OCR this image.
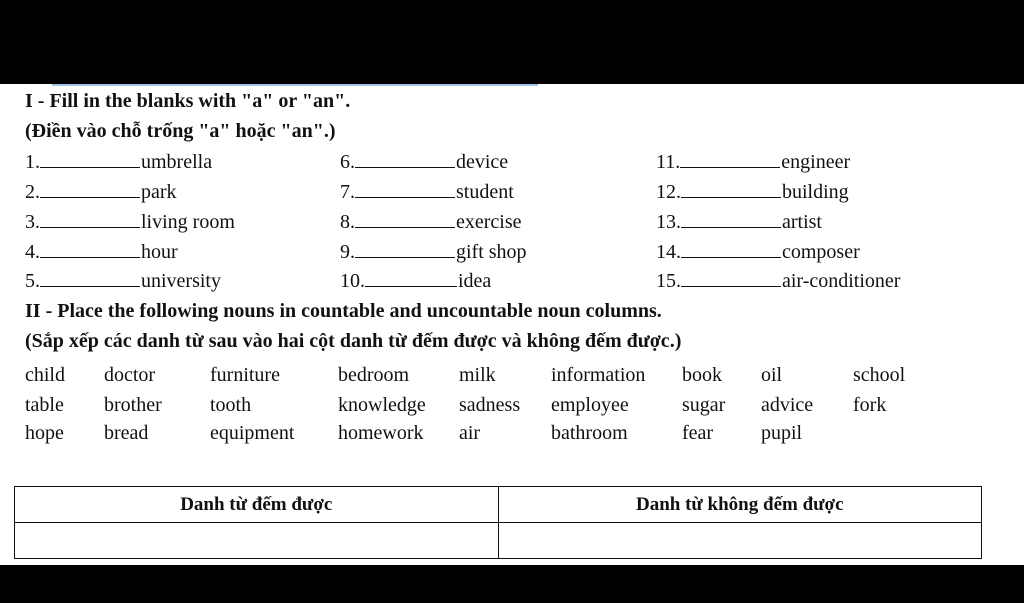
I - Fill in the blanks with "a" or "an".
(Điền vào chỗ trống "a" hoặc "an".)
1.	umbrella
2.	park
3.	living room
4.	hour
5.	university
6.	device
7.	student
8.	exercise
9.	gift shop
10.	idea
11.	engineer
12.	building
13.	artist
14.	composer
15.	air-conditioner
II - Place the following nouns in countable and uncountable noun columns.
(Sắp xếp các danh từ sau vào hai cột danh từ đếm được và không đếm được.)
child doctor	furniture	bedroom milk	information book oil	school
table brother tooth	knowledge sadness employee	sugar advice fork
hope bread	equipment homework air	bathroom	fear pupil
Danh từ đếm được	Danh từ không đếm được
